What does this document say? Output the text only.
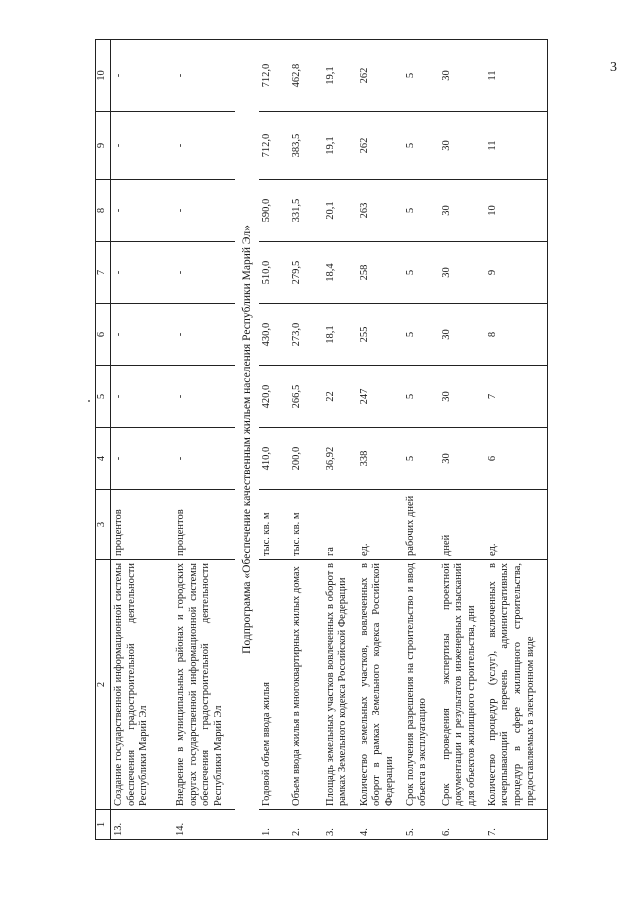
3
1	2	3	4	5	6	7	8	9	10
13.	Создание государственной информационной системы обеспечения градостроительной деятельности Республики Марий Эл	процентов	-	-	-	-	-	-	-
14.	Внедрение в муниципальных районах и городских округах государственной информационной системы обеспечения градостроительной деятельности Республики Марий Эл	процентов	-	-	-	-	-	-	-
Подпрограмма «Обеспечение качественным жильем населения Республики Марий Эл»									
1.	Годовой объем ввода жилья	тыс. кв. м	410,0	420,0	430,0	510,0	590,0	712,0	712,0
2.	Объем ввода жилья в многоквартирных жилых домах	тыс. кв. м	200,0	266,5	273,0	279,5	331,5	383,5	462,8
3.	Площадь земельных участков вовлеченных в оборот в рамках Земельного кодекса Российской Федерации	га	36,92	22	18,1	18,4	20,1	19,1	19,1
4.	Количество земельных участков, вовлеченных в оборот в рамках Земельного кодекса Российской Федерации	ед.	338	247	255	258	263	262	262
5.	Срок получения разрешения на строительство и ввод объекта в эксплуатацию	рабочих дней	5	5	5	5	5	5	5
6.	Срок проведения экспертизы проектной документации и результатов инженерных изысканий для объектов жилищного строительства, дни	дней	30	30	30	30	30	30	30
7.	Количество процедур (услуг), включенных в исчерпывающий перечень административных процедур в сфере жилищного строительства, предоставляемых в электронном виде	ед.	6	7	8	9	10	11	11
